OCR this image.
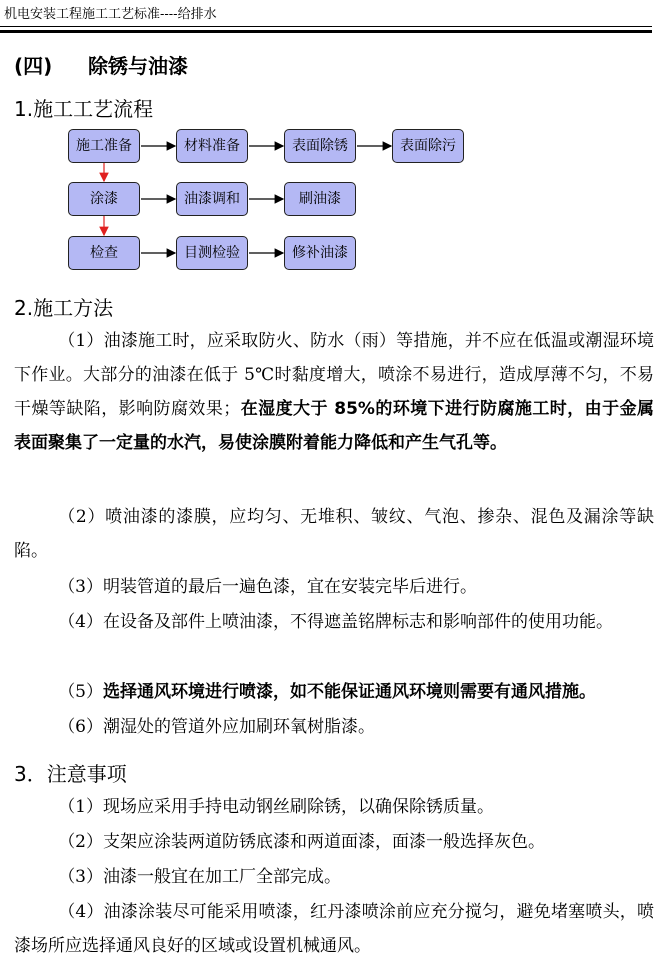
机电安装工程施工工艺标准----给排水
(四) 除锈与油漆
1.施工工艺流程
施工准备	材料准备	表面除锈	表面除污
涂漆	油漆调和	刷油漆
检查	目测检验	修补油漆
2.施工方法
（1）油漆施工时，应采取防火、防水（雨）等措施，并不应在低温或潮湿环境下作业。大部分的油漆在低于 5℃时黏度增大，喷涂不易进行，造成厚薄不匀，不易干燥等缺陷，影响防腐效果；在湿度大于 85%的环境下进行防腐施工时，由于金属表面聚集了一定量的水汽，易使涂膜附着能力降低和产生气孔等。
（2）喷油漆的漆膜，应均匀、无堆积、皱纹、气泡、掺杂、混色及漏涂等缺陷。
（3）明装管道的最后一遍色漆，宜在安装完毕后进行。
（4）在设备及部件上喷油漆，不得遮盖铭牌标志和影响部件的使用功能。
（5）选择通风环境进行喷漆，如不能保证通风环境则需要有通风措施。
（6）潮湿处的管道外应加刷环氧树脂漆。
3．注意事项
（1）现场应采用手持电动钢丝刷除锈，以确保除锈质量。
（2）支架应涂装两道防锈底漆和两道面漆，面漆一般选择灰色。
（3）油漆一般宜在加工厂全部完成。
（4）油漆涂装尽可能采用喷漆，红丹漆喷涂前应充分搅匀，避免堵塞喷头，喷漆场所应选择通风良好的区域或设置机械通风。
